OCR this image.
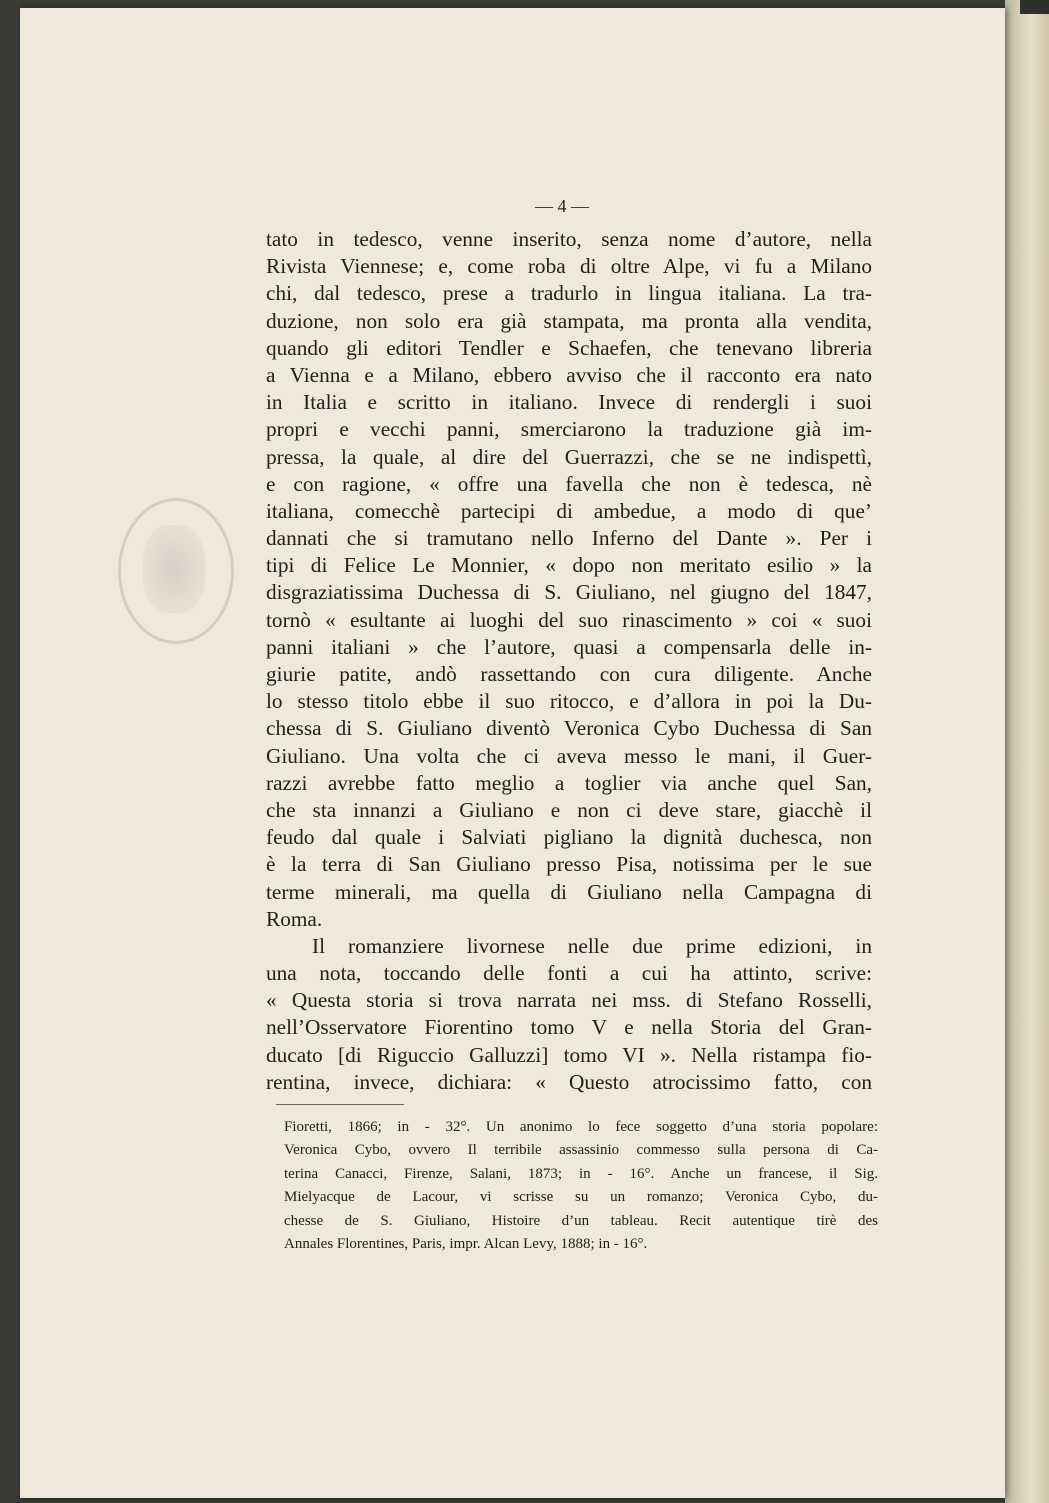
— 4 —
tato in tedesco, venne inserito, senza nome d’autore, nella
Rivista Viennese; e, come roba di oltre Alpe, vi fu a Milano
chi, dal tedesco, prese a tradurlo in lingua italiana. La tra-
duzione, non solo era già stampata, ma pronta alla vendita,
quando gli editori Tendler e Schaefen, che tenevano libreria
a Vienna e a Milano, ebbero avviso che il racconto era nato
in Italia e scritto in italiano. Invece di rendergli i suoi
propri e vecchi panni, smerciarono la traduzione già im-
pressa, la quale, al dire del Guerrazzi, che se ne indispettì,
e con ragione, « offre una favella che non è tedesca, nè
italiana, comecchè partecipi di ambedue, a modo di que’
dannati che si tramutano nello Inferno del Dante ». Per i
tipi di Felice Le Monnier, « dopo non meritato esilio » la
disgraziatissima Duchessa di S. Giuliano, nel giugno del 1847,
tornò « esultante ai luoghi del suo rinascimento » coi « suoi
panni italiani » che l’autore, quasi a compensarla delle in-
giurie patite, andò rassettando con cura diligente. Anche
lo stesso titolo ebbe il suo ritocco, e d’allora in poi la Du-
chessa di S. Giuliano diventò Veronica Cybo Duchessa di San
Giuliano. Una volta che ci aveva messo le mani, il Guer-
razzi avrebbe fatto meglio a toglier via anche quel San,
che sta innanzi a Giuliano e non ci deve stare, giacchè il
feudo dal quale i Salviati pigliano la dignità duchesca, non
è la terra di San Giuliano presso Pisa, notissima per le sue
terme minerali, ma quella di Giuliano nella Campagna di
Roma.
Il romanziere livornese nelle due prime edizioni, in
una nota, toccando delle fonti a cui ha attinto, scrive:
« Questa storia si trova narrata nei mss. di Stefano Rosselli,
nell’Osservatore Fiorentino tomo V e nella Storia del Gran-
ducato [di Riguccio Galluzzi] tomo VI ». Nella ristampa fio-
rentina, invece, dichiara: « Questo atrocissimo fatto, con
Fioretti, 1866; in - 32°. Un anonimo lo fece soggetto d’una storia popolare:
Veronica Cybo, ovvero Il terribile assassinio commesso sulla persona di Ca-
terina Canacci, Firenze, Salani, 1873; in - 16°. Anche un francese, il Sig.
Mielyacque de Lacour, vi scrisse su un romanzo; Veronica Cybo, du-
chesse de S. Giuliano, Histoire d’un tableau. Recit autentique tirè des
Annales Florentines, Paris, impr. Alcan Levy, 1888; in - 16°.
